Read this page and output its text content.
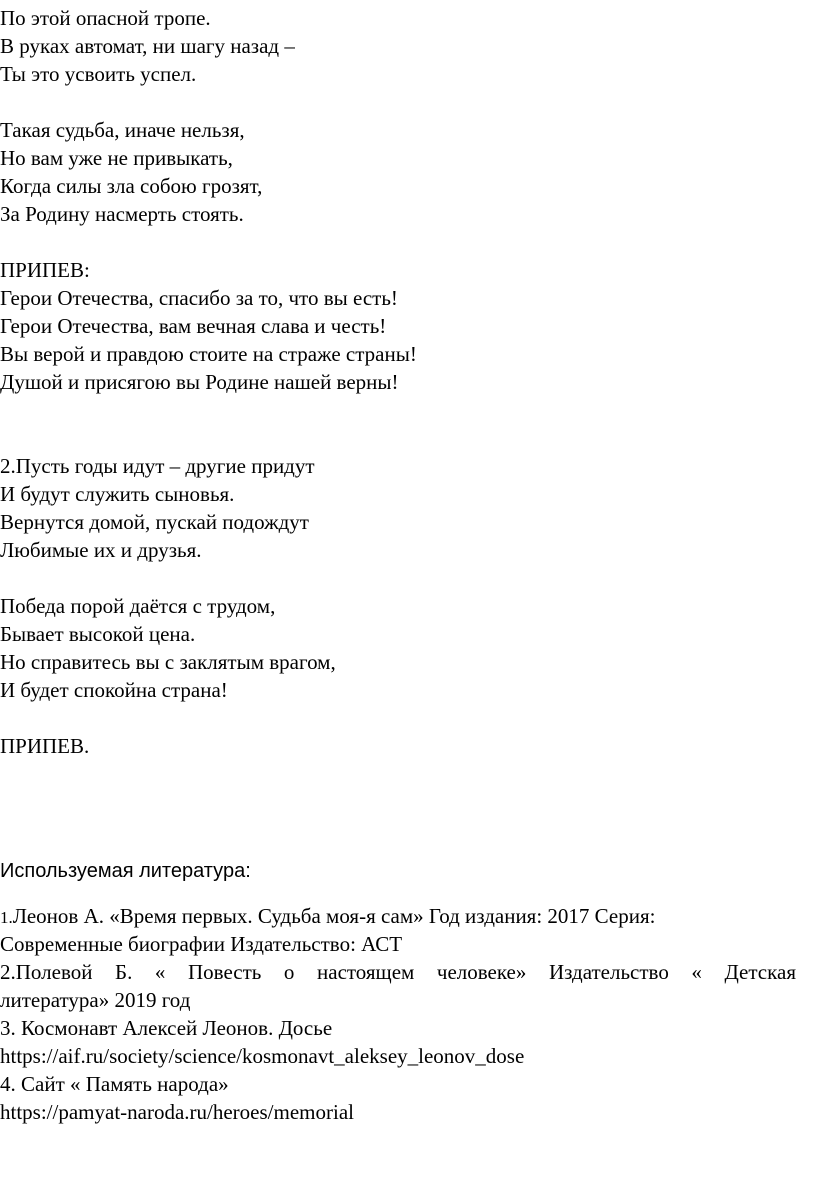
По этой опасной тропе.
В руках автомат, ни шагу назад –
Ты это усвоить успел.
Такая судьба, иначе нельзя,
Но вам уже не привыкать,
Когда силы зла собою грозят,
За Родину насмерть стоять.
ПРИПЕВ:
Герои Отечества, спасибо за то, что вы есть!
Герои Отечества, вам вечная слава и честь!
Вы верой и правдою стоите на страже страны!
Душой и присягою вы Родине нашей верны!
2.Пусть годы идут – другие придут
И будут служить сыновья.
Вернутся домой, пускай подождут
Любимые их и друзья.
Победа порой даётся с трудом,
Бывает высокой цена.
Но справитесь вы с заклятым врагом,
И будет спокойна страна!
ПРИПЕВ.
Используемая литература:
1.Леонов А. «Время первых. Судьба моя-я сам» Год издания: 2017 Серия:
Современные биографии Издательство: АСТ
2.Полевой Б. « Повесть о настоящем человеке» Издательство « Детская
литература» 2019 год
3. Космонавт Алексей Леонов. Досье
https://aif.ru/society/science/kosmonavt_aleksey_leonov_dose
4. Сайт « Память народа»
https://pamyat-naroda.ru/heroes/memorial
